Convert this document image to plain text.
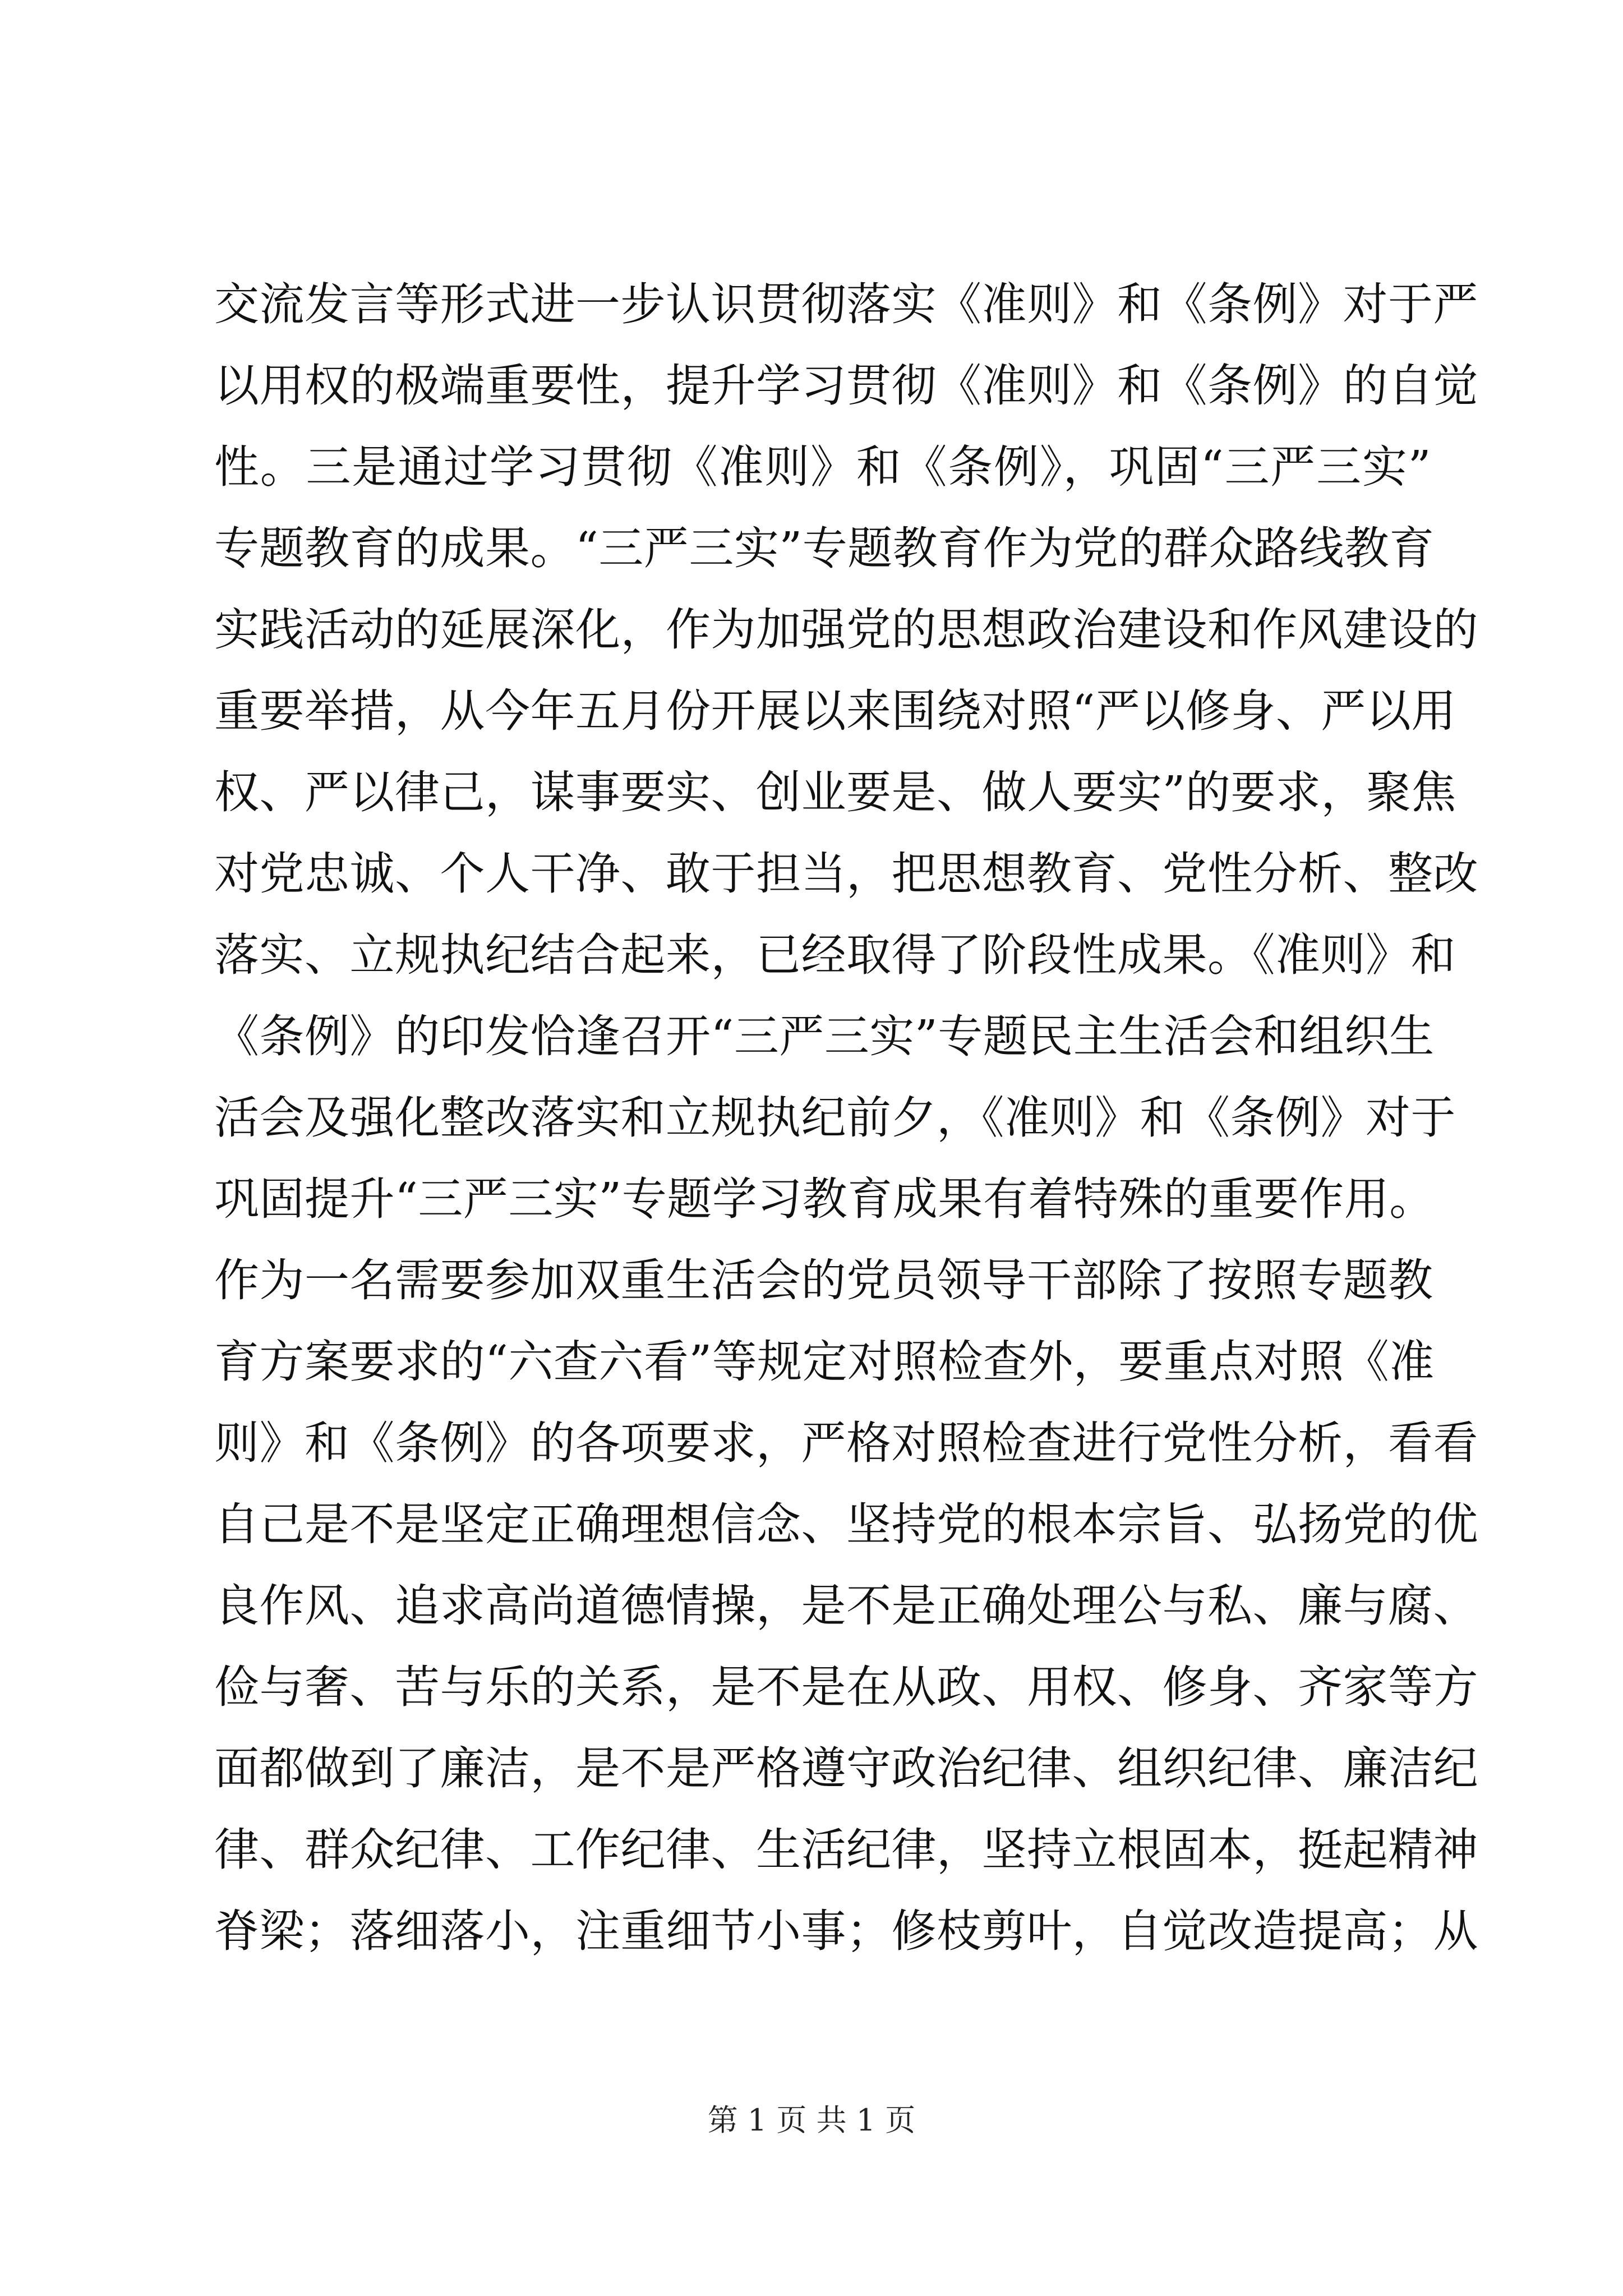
交流发言等形式进一步认识贯彻落实《准则》和《条例》对于严
以用权的极端重要性，提升学习贯彻《准则》和《条例》的自觉
性。三是通过学习贯彻《准则》和《条例》，巩固“三严三实”
专题教育的成果。“三严三实”专题教育作为党的群众路线教育
实践活动的延展深化，作为加强党的思想政治建设和作风建设的
重要举措，从今年五月份开展以来围绕对照“严以修身、严以用
权、严以律己，谋事要实、创业要是、做人要实”的要求，聚焦
对党忠诚、个人干净、敢于担当，把思想教育、党性分析、整改
落实、立规执纪结合起来，已经取得了阶段性成果。《准则》和
《条例》的印发恰逢召开“三严三实”专题民主生活会和组织生
活会及强化整改落实和立规执纪前夕，《准则》和《条例》对于
巩固提升“三严三实”专题学习教育成果有着特殊的重要作用。
作为一名需要参加双重生活会的党员领导干部除了按照专题教
育方案要求的“六查六看”等规定对照检查外，要重点对照《准
则》和《条例》的各项要求，严格对照检查进行党性分析，看看
自己是不是坚定正确理想信念、坚持党的根本宗旨、弘扬党的优
良作风、追求高尚道德情操，是不是正确处理公与私、廉与腐、
俭与奢、苦与乐的关系，是不是在从政、用权、修身、齐家等方
面都做到了廉洁，是不是严格遵守政治纪律、组织纪律、廉洁纪
律、群众纪律、工作纪律、生活纪律，坚持立根固本，挺起精神
脊梁；落细落小，注重细节小事；修枝剪叶，自觉改造提高；从
第 1 页 共 1 页
